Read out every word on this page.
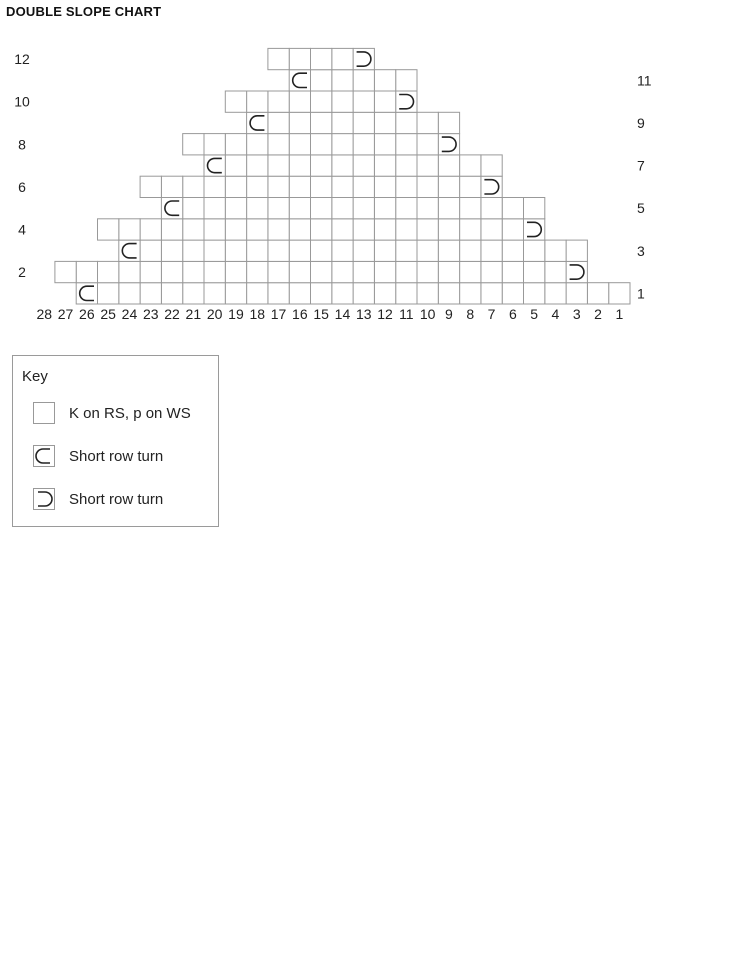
DOUBLE SLOPE CHART
28 27 26 25 24 23 22 21 20 19 18 17 16 15 14 13 12 11 10 9 8 7 6 5 4 3 2 1
2
4
6
8
10
12
1
3
5
7
9
11
Key
K on RS, p on WS
Short row turn
Short row turn
